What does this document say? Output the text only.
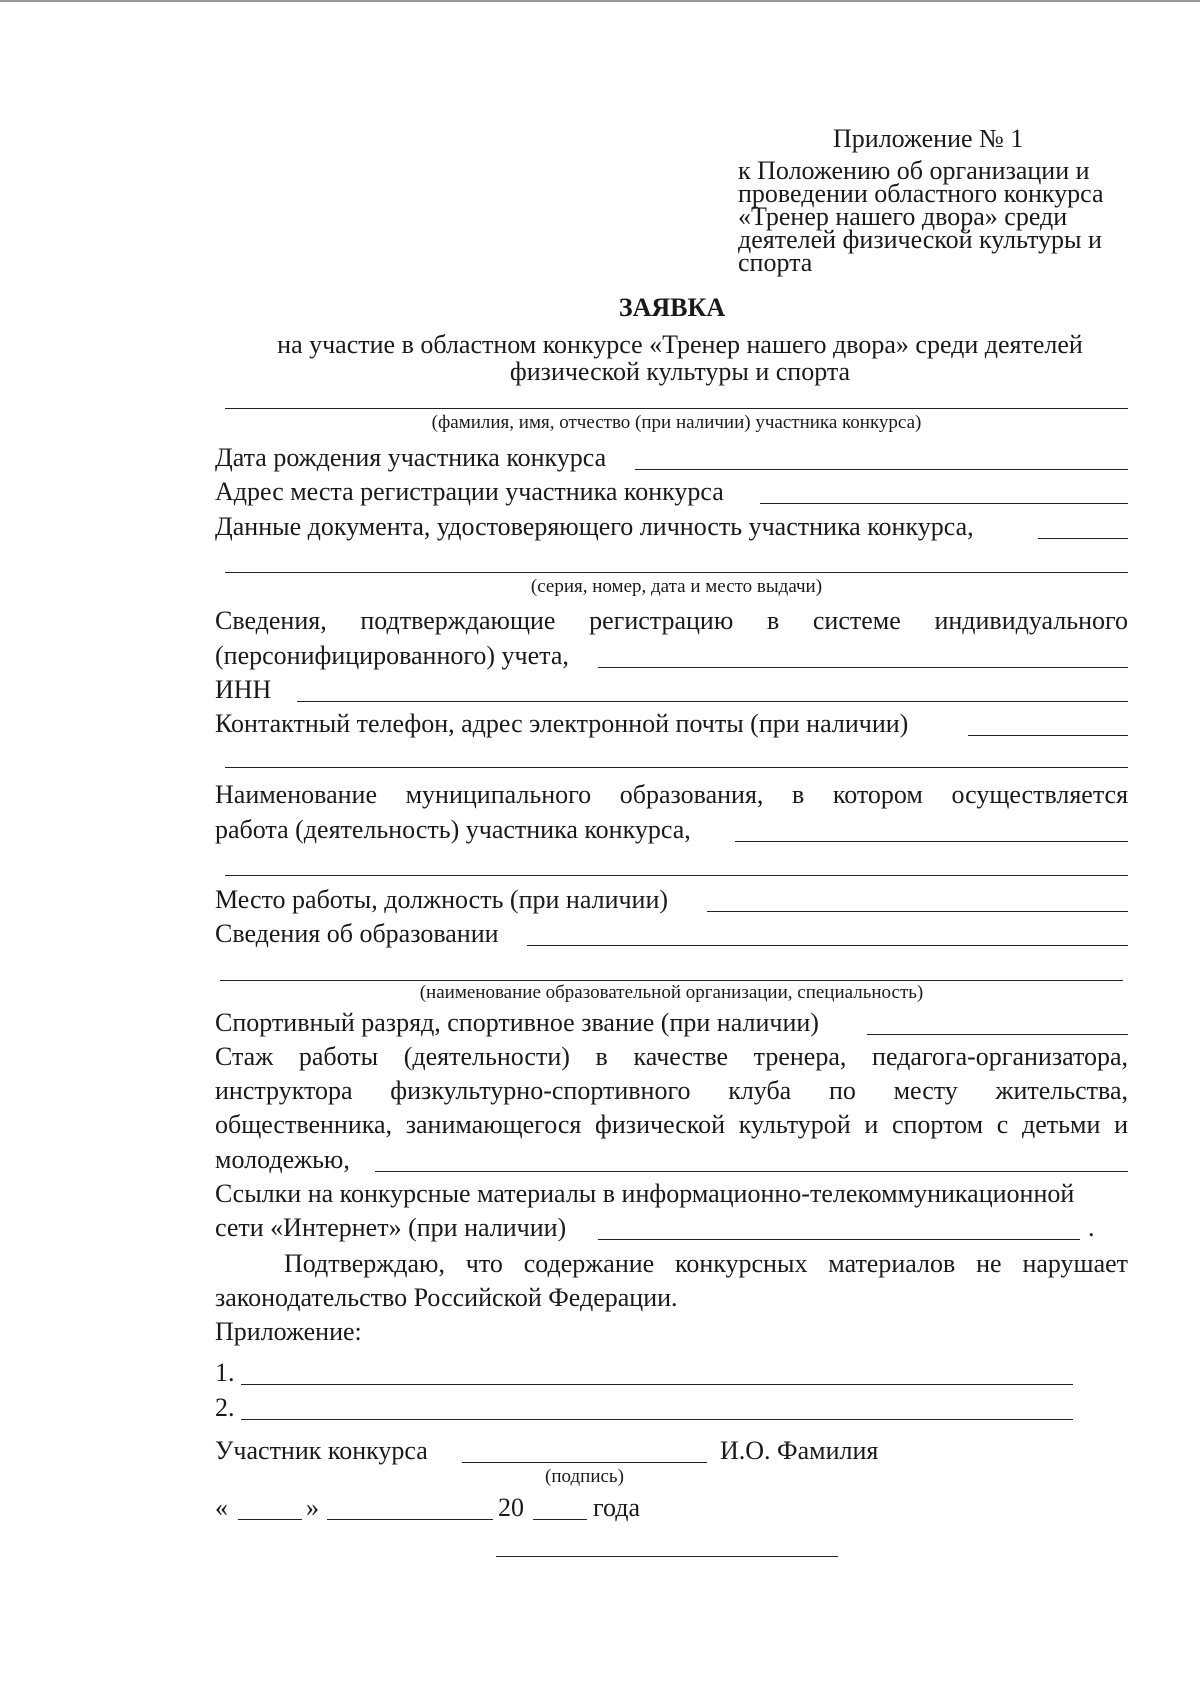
Приложение № 1
к Положению об организации и
проведении областного конкурса
«Тренер нашего двора» среди
деятелей физической культуры и
спорта
ЗАЯВКА
на участие в областном конкурсе «Тренер нашего двора» среди деятелей
физической культуры и спорта
(фамилия, имя, отчество (при наличии) участника конкурса)
Дата рождения участника конкурса
Адрес места регистрации участника конкурса
Данные документа, удостоверяющего личность участника конкурса,
(серия, номер, дата и место выдачи)
Сведения, подтверждающие регистрацию в системе индивидуального
(персонифицированного) учета,
ИНН
Контактный телефон, адрес электронной почты (при наличии)
Наименование муниципального образования, в котором осуществляется
работа (деятельность) участника конкурса,
Место работы, должность (при наличии)
Сведения об образовании
(наименование образовательной организации, специальность)
Спортивный разряд, спортивное звание (при наличии)
Стаж работы (деятельности) в качестве тренера, педагога-организатора,
инструктора физкультурно-спортивного клуба по месту жительства,
общественника, занимающегося физической культурой и спортом с детьми и
молодежью,
Ссылки на конкурсные материалы в информационно-телекоммуникационной
сети «Интернет» (при наличии)	.
Подтверждаю, что содержание конкурсных материалов не нарушает
законодательство Российской Федерации.
Приложение:
1.
2.
Участник конкурса	И.О. Фамилия
(подпись)
«	»	20	года
